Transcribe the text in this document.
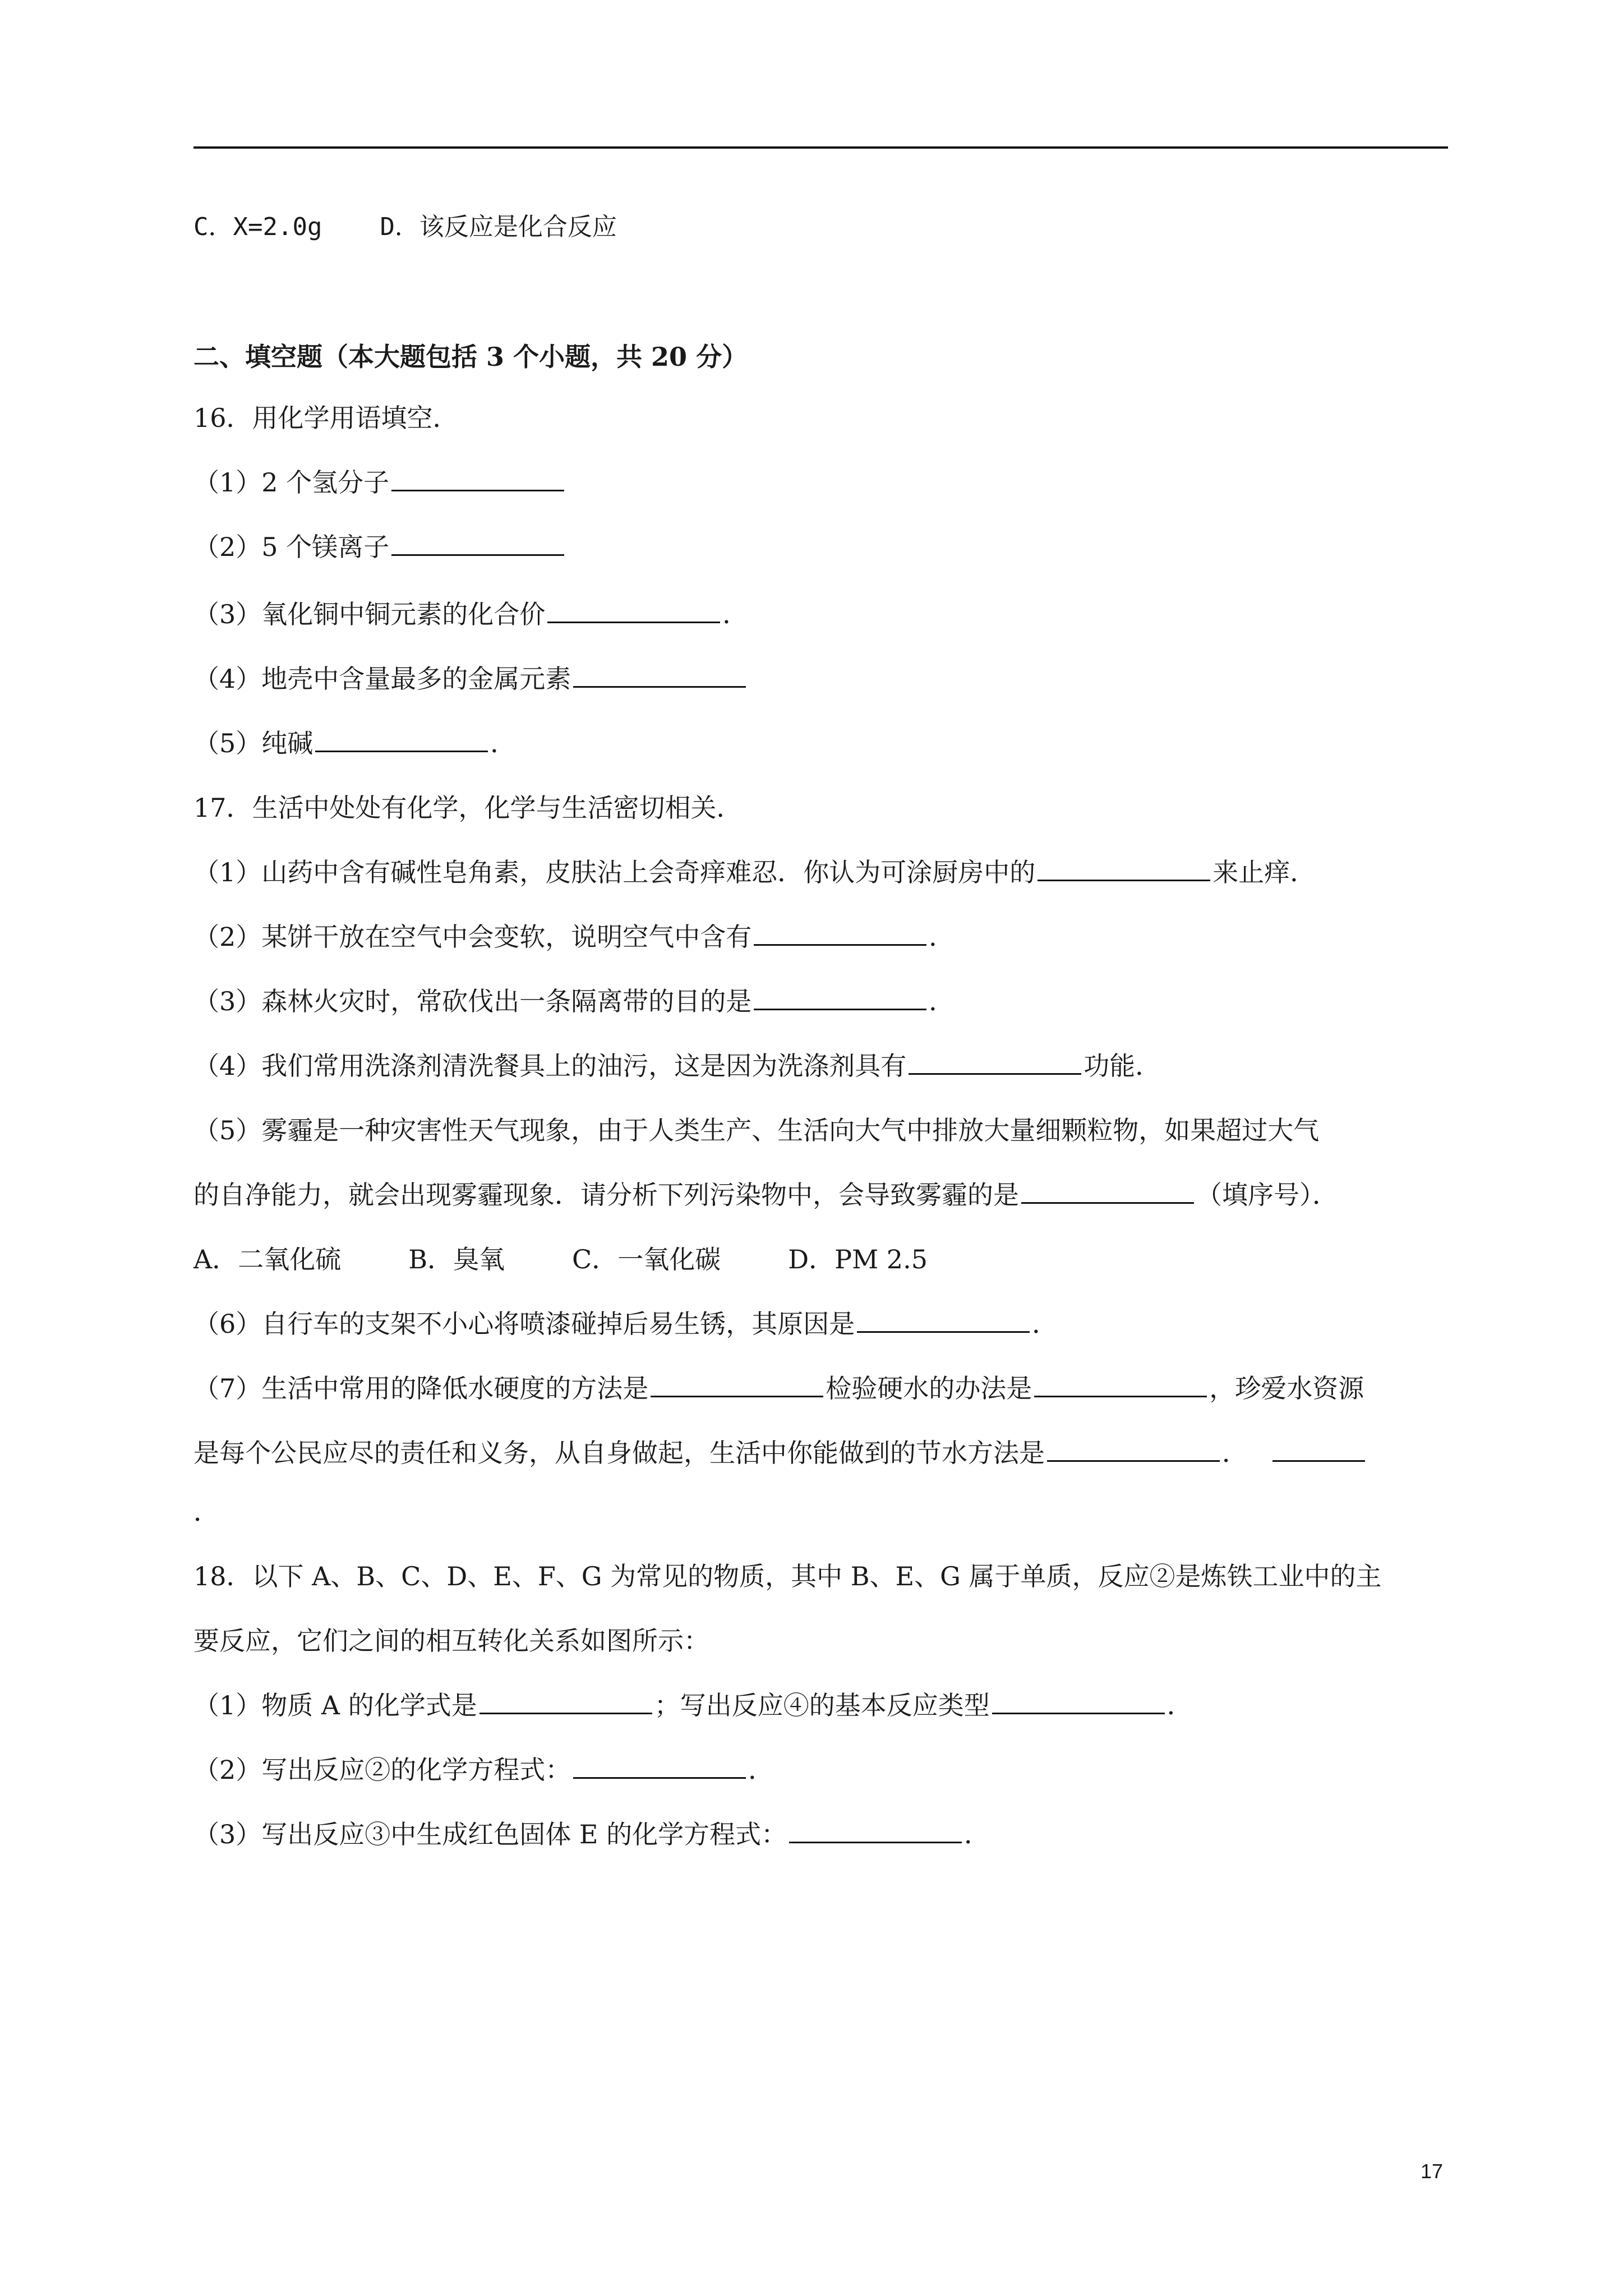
C．X=2.0g D．该反应是化合反应
二、填空题（本大题包括 3 个小题，共 20 分）
16．用化学用语填空．
（1）2 个氢分子
（2）5 个镁离子
（3）氧化铜中铜元素的化合价	．
（4）地壳中含量最多的金属元素
（5）纯碱	．
17．生活中处处有化学，化学与生活密切相关．
（1）山药中含有碱性皂角素，皮肤沾上会奇痒难忍．你认为可涂厨房中的	来止痒．
（2）某饼干放在空气中会变软，说明空气中含有	．
（3）森林火灾时，常砍伐出一条隔离带的目的是	．
（4）我们常用洗涤剂清洗餐具上的油污，这是因为洗涤剂具有	功能．
（5）雾霾是一种灾害性天气现象，由于人类生产、生活向大气中排放大量细颗粒物，如果超过大气
的自净能力，就会出现雾霾现象．请分析下列污染物中，会导致雾霾的是	（填序号）．
A．二氧化硫	B．臭氧	C．一氧化碳	D．PM 2.5
（6）自行车的支架不小心将喷漆碰掉后易生锈，其原因是	．
（7）生活中常用的降低水硬度的方法是	检验硬水的办法是	，珍爱水资源
是每个公民应尽的责任和义务，从自身做起，生活中你能做到的节水方法是	．
．
18．以下 A、B、C、D、E、F、G 为常见的物质，其中 B、E、G 属于单质，反应②是炼铁工业中的主
要反应，它们之间的相互转化关系如图所示：
（1）物质 A 的化学式是	；写出反应④的基本反应类型	．
（2）写出反应②的化学方程式：	．
（3）写出反应③中生成红色固体 E 的化学方程式：	．
17
